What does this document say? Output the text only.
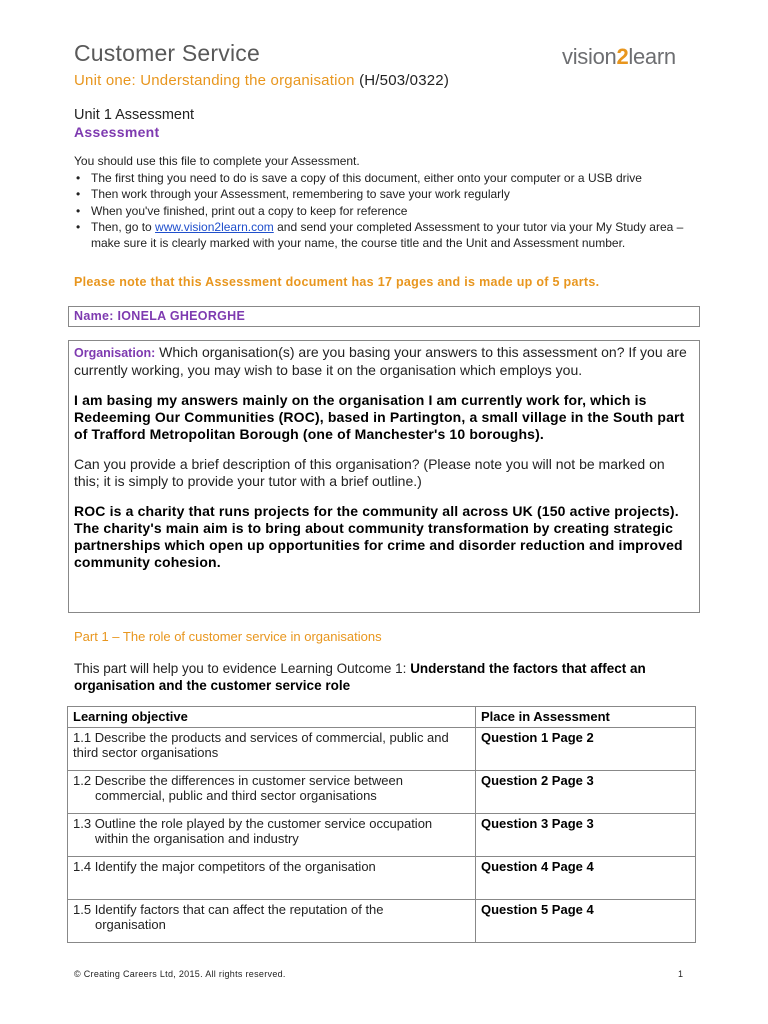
Customer Service	vision2learn
Unit one: Understanding the organisation (H/503/0322)
Unit 1 Assessment
Assessment

You should use this file to complete your Assessment.

• The first thing you need to do is save a copy of this document, either onto your computer or a USB drive
• Then work through your Assessment, remembering to save your work regularly
• When you've finished, print out a copy to keep for reference
• Then, go to www.vision2learn.com and send your completed Assessment to your tutor via your My Study area – make sure it is clearly marked with your name, the course title and the Unit and Assessment number.
Please note that this Assessment document has 17 pages and is made up of 5 parts.
Name: IONELA GHEORGHE

Organisation: Which organisation(s) are you basing your answers to this assessment on? If you are currently working, you may wish to base it on the organisation which employs you.

I am basing my answers mainly on the organisation I am currently work for, which is Redeeming Our Communities (ROC), based in Partington, a small village in the South part of Trafford Metropolitan Borough (one of Manchester's 10 boroughs).

Can you provide a brief description of this organisation? (Please note you will not be marked on this; it is simply to provide your tutor with a brief outline.)

ROC is a charity that runs projects for the community all across UK (150 active projects). The charity's main aim is to bring about community transformation by creating strategic partnerships which open up opportunities for crime and disorder reduction and improved community cohesion.

Part 1 – The role of customer service in organisations
This part will help you to evidence Learning Outcome 1: Understand the factors that affect an organisation and the customer service role
Learning objective	Place in Assessment
1.1 Describe the products and services of commercial, public and third sector organisations	Question 1 Page 2
1.2 Describe the differences in customer service between
commercial, public and third sector organisations	Question 2 Page 3
1.3 Outline the role played by the customer service occupation
within the organisation and industry	Question 3 Page 3
1.4 Identify the major competitors of the organisation	Question 4 Page 4
1.5 Identify factors that can affect the reputation of the
organisation	Question 5 Page 4
© Creating Careers Ltd, 2015. All rights reserved.	1
